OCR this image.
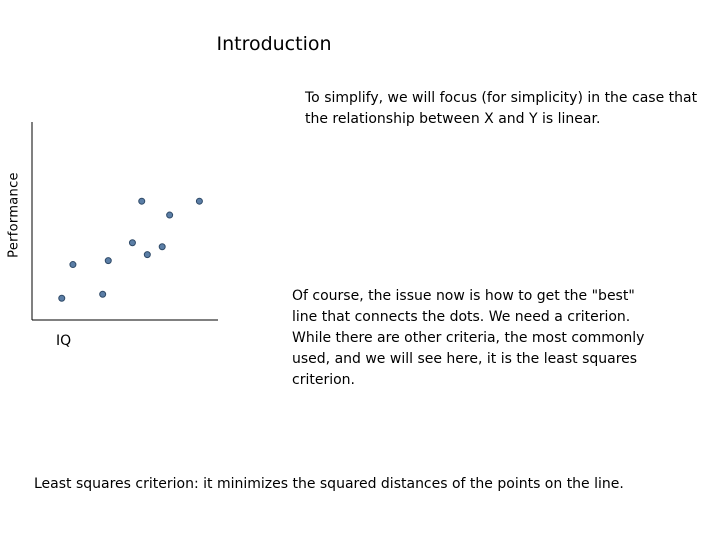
Introduction
To simplify, we will focus (for simplicity) in the case that the relationship between X and Y is linear.
Performance
IQ
Of course, the issue now is how to get the "best" line that connects the dots. We need a criterion. While there are other criteria, the most commonly used, and we will see here, it is the least squares criterion.
Least squares criterion: it minimizes the squared distances of the points on the line.
